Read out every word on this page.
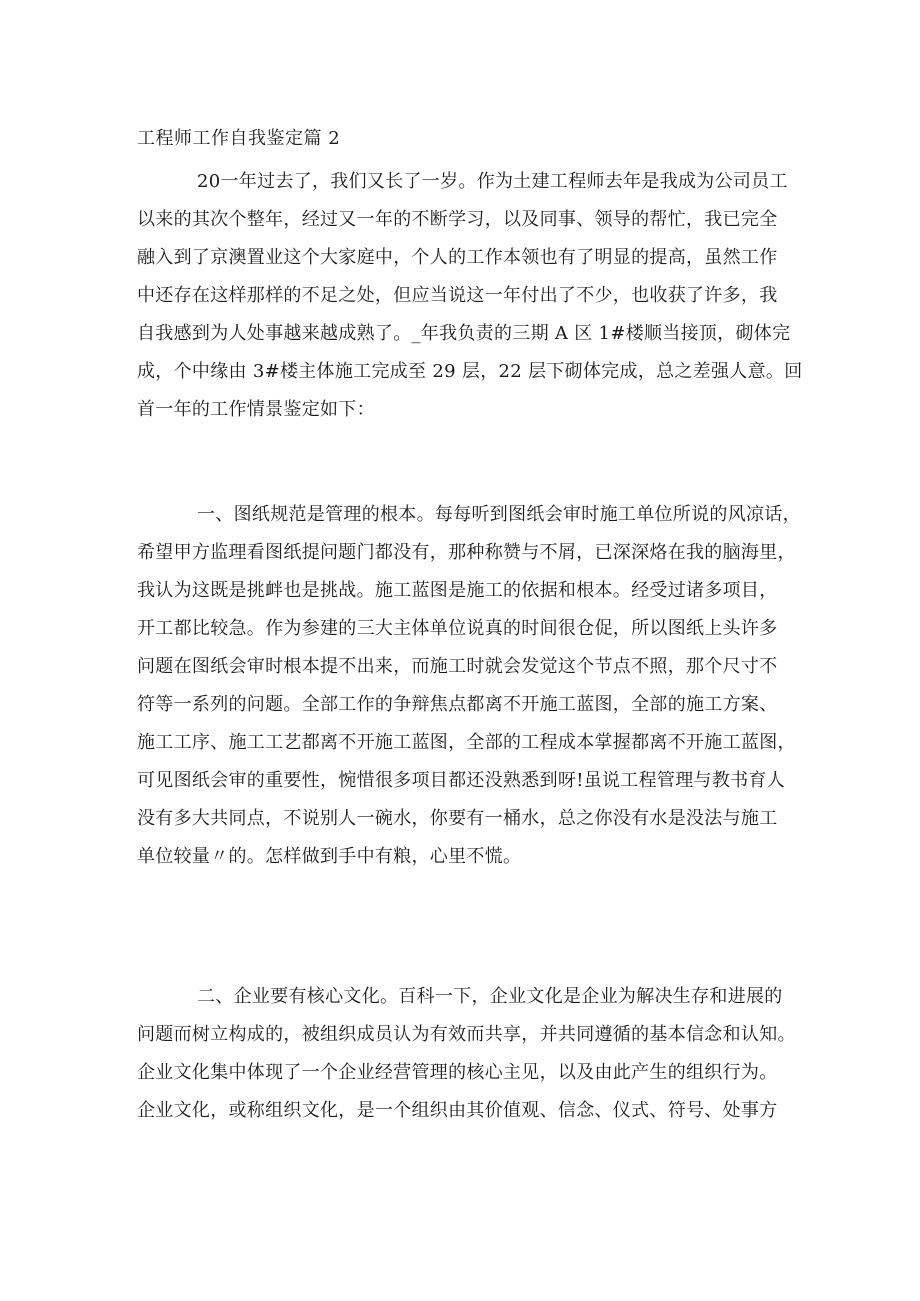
工程师工作自我鉴定篇 2
20一年过去了，我们又长了一岁。作为土建工程师去年是我成为公司员工
以来的其次个整年，经过又一年的不断学习，以及同事、领导的帮忙，我已完全
融入到了京澳置业这个大家庭中，个人的工作本领也有了明显的提高，虽然工作
中还存在这样那样的不足之处，但应当说这一年付出了不少，也收获了许多，我
自我感到为人处事越来越成熟了。_年我负责的三期 A 区 1#楼顺当接顶，砌体完
成，个中缘由 3#楼主体施工完成至 29 层，22 层下砌体完成，总之差强人意。回
首一年的工作情景鉴定如下：
一、图纸规范是管理的根本。每每听到图纸会审时施工单位所说的风凉话，
希望甲方监理看图纸提问题门都没有，那种称赞与不屑，已深深烙在我的脑海里，
我认为这既是挑衅也是挑战。施工蓝图是施工的依据和根本。经受过诸多项目，
开工都比较急。作为参建的三大主体单位说真的时间很仓促，所以图纸上头许多
问题在图纸会审时根本提不出来，而施工时就会发觉这个节点不照，那个尺寸不
符等一系列的问题。全部工作的争辩焦点都离不开施工蓝图，全部的施工方案、
施工工序、施工工艺都离不开施工蓝图，全部的工程成本掌握都离不开施工蓝图，
可见图纸会审的重要性，惋惜很多项目都还没熟悉到呀!虽说工程管理与教书育人
没有多大共同点，不说别人一碗水，你要有一桶水，总之你没有水是没法与施工
单位较量〃的。怎样做到手中有粮，心里不慌。
二、企业要有核心文化。百科一下，企业文化是企业为解决生存和进展的
问题而树立构成的，被组织成员认为有效而共享，并共同遵循的基本信念和认知。
企业文化集中体现了一个企业经营管理的核心主见，以及由此产生的组织行为。
企业文化，或称组织文化，是一个组织由其价值观、信念、仪式、符号、处事方
